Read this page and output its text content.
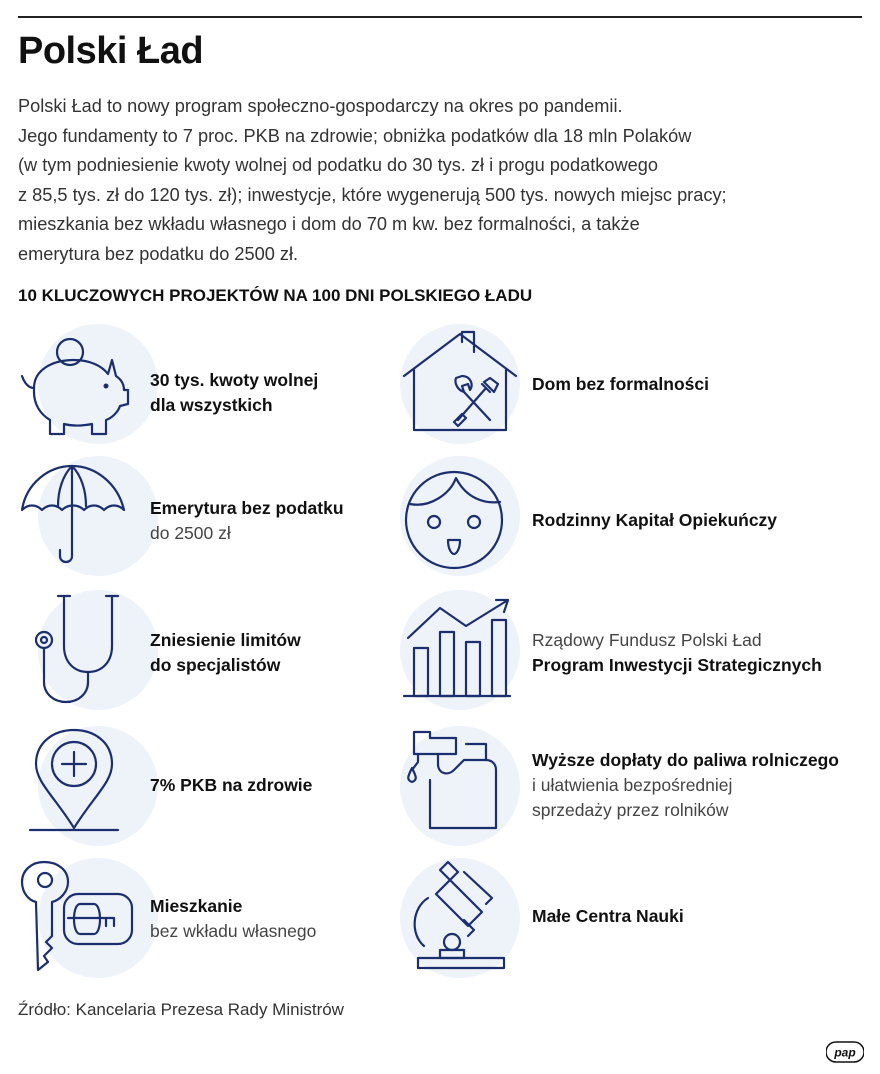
Polski Ład

Polski Ład to nowy program społeczno-gospodarczy na okres po pandemii.
Jego fundamenty to 7 proc. PKB na zdrowie; obniżka podatków dla 18 mln Polaków
(w tym podniesienie kwoty wolnej od podatku do 30 tys. zł i progu podatkowego
z 85,5 tys. zł do 120 tys. zł); inwestycje, które wygenerują 500 tys. nowych miejsc pracy;
mieszkania bez wkładu własnego i dom do 70 m kw. bez formalności, a także
emerytura bez podatku do 2500 zł.

10 KLUCZOWYCH PROJEKTÓW NA 100 DNI POLSKIEGO ŁADU
30 tys. kwoty wolnej
dla wszystkich
Dom bez formalności
Emerytura bez podatku
do 2500 zł
Rodzinny Kapitał Opiekuńczy
Zniesienie limitów
do specjalistów
Rządowy Fundusz Polski Ład
Program Inwestycji Strategicznych
7% PKB na zdrowie
Wyższe dopłaty do paliwa rolniczego
i ułatwienia bezpośredniej
sprzedaży przez rolników
Mieszkanie
bez wkładu własnego
Małe Centra Nauki
Źródło: Kancelaria Prezesa Rady Ministrów
pap
